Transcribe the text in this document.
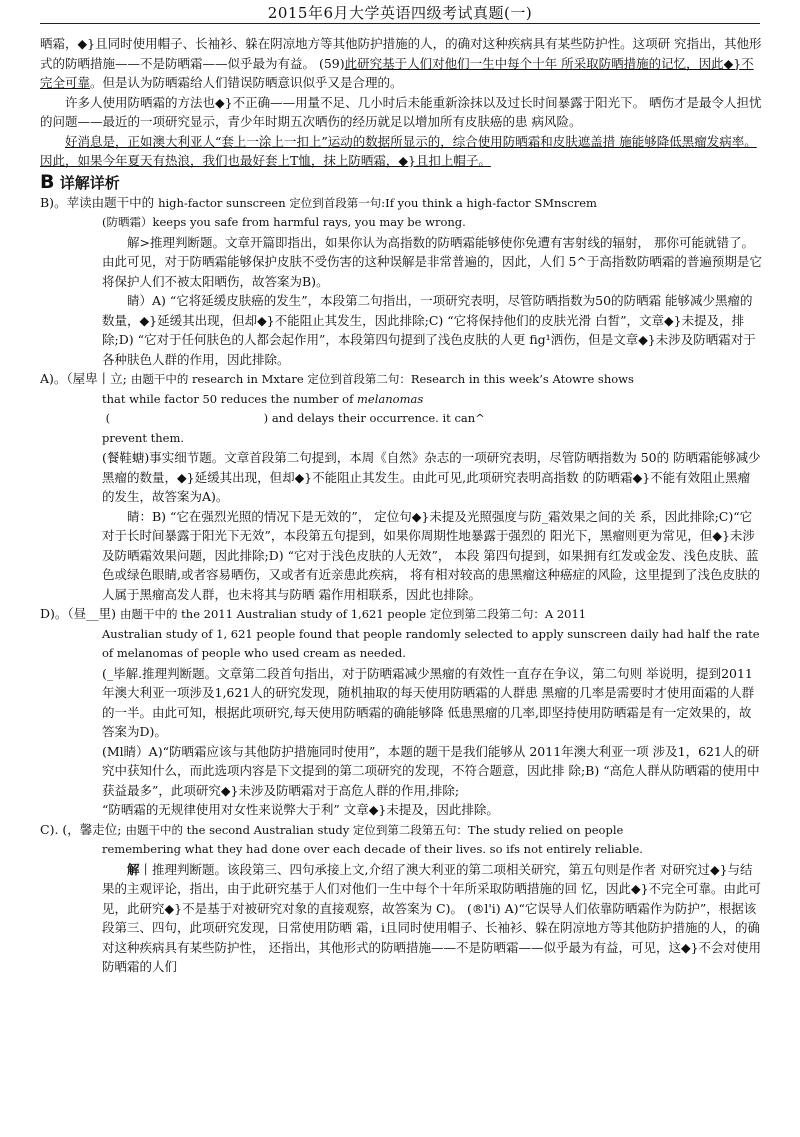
2015年6月大学英语四级考试真题(一)

晒霜，◆}且同时使用帽子、长袖衫、躲在阴凉地方等其他防护措施的人，的确对这种疾病具有某些防护性。这项研 究指出，其他形式的防晒措施——不是防晒霜——似乎最为有益。 (59)此研究基于人们对他们一生中每个十年 所采取防晒措施的记忆，因此◆}不完全可靠。但是认为防晒霜给人们错误防晒意识似乎又是合理的。

许多人使用防晒霜的方法也◆}不正确——用量不足、几小时后未能重新涂抹以及过长时间暴露于阳光下。 晒伤才是最令人担忧的问题——最近的一项研究显示，青少年时期五次晒伤的经历就足以增加所有皮肤癌的患 病风险。

好消息是，正如澳大利亚人“套上一涂上一扣上”运动的数据所显示的，综合使用防晒霜和皮肤遮盖措 施能够降低黑瘤发病率。因此，如果今年夏天有热浪，我们也最好套上T恤，抹上防晒霜，◆}且扣上帽子。

B 详解详析

B)。苹读由题干中的 high-factor sunscreen 定位到首段第一句:If you think a high-factor SMnscrem

(防晒霜）keeps you safe from harmful rays, you may be wrong.

解>推理判断题。文章开篇即指出，如果你认为高指数的防晒霜能够使你免遭有害射线的辐射， 那你可能就错了。由此可见，对于防晒霜能够保护皮肤不受伤害的这种误解是非常普遍的，因此，人们 5^于高指数防晒霜的普遍预期是它将保护人们不被太阳晒伤，故答案为B)。

睛）A) “它将延缓皮肤癌的发生”，本段第二句指出，一项研究表明，尽管防晒指数为50的防晒霜 能够减少黑瘤的数量，◆}延缓其出现，但却◆}不能阻止其发生，因此排除;C) “它将保持他们的皮肤光滑 白皙”，文章◆}未提及，排除;D) “它对于任何肤色的人都会起作用”，本段第四句提到了浅色皮肤的人更 fig¹洒伤，但是文章◆}未涉及防晒霜对于各种肤色人群的作用，因此排除。

A)。（屋卑丨立; 由题干中的 research in Mxtare 定位到首段第二句：Research in this week’s Atowre shows

that while factor 50 reduces the number of melanomas (                                          ) and delays their occurrence. it can^

prevent them.

(餐鞋螗)事实细节题。文章首段第二句提到，本周《自然》杂志的一项研究表明，尽管防晒指数为 50的 防晒霜能够减少黑瘤的数量，◆}延缓其出现，但却◆}不能阻止其发生。由此可见,此项研究表明高指数 的防晒霜◆}不能有效阻止黑瘤的发生，故答案为A)。

睛：B) “它在强烈光照的情况下是无效的”， 定位句◆}未提及光照强度与防_霜效果之间的关 系，因此排除;C)“它对于长时间暴露于阳光下无效”，本段第五句提到，如果你周期性地暴露于强烈的 阳光下，黑瘤则更为常见，但◆}未涉及防晒霜效果问题，因此排除;D) “它对于浅色皮肤的人无效”， 本段 第四句提到，如果拥有红发或金发、浅色皮肤、蓝色或绿色眼睛,或者容易晒伤，又或者有近亲患此疾病， 将有相对较高的患黑瘤这种癌症的风险，这里提到了浅色皮肤的人属于黑瘤高发人群，也未将其与防晒 霜作用相联系，因此也排除。

D)。（昼__里) 由题干中的 the 2011 Australian study of 1,621 people 定位到第二段第二句：A 2011

Australian study of 1, 621 people found that people randomly selected to apply sunscreen daily had half the rate of melanomas of people who used cream as needed.

(_毕解.推理判断题。文章第二段首句指出，对于防晒霜减少黑瘤的有效性一直存在争议，第二句则 举说明，提到2011年澳大利亚一项涉及1,621人的研究发现，随机抽取的每天使用防晒霜的人群患 黑瘤的几率是需要时才使用面霜的人群的一半。由此可知，根据此项研究,每天使用防晒霜的确能够降 低患黑瘤的几率,即坚持使用防晒霜是有一定效果的，故答案为D)。

(Ml睛）A)“防晒霜应该与其他防护措施同时使用”，本题的题干是我们能够从 2011年澳大利亚一项 涉及1，621人的研究中获知什么，而此选项内容是下文提到的第二项研究的发现，不符合题意，因此排 除;B) “高危人群从防晒霜的使用中获益最多”，此项研究◆}未涉及防晒霜对于高危人群的作用,排除;

“防晒霜的无规律使用对女性来说弊大于利” 文章◆}未提及，因此排除。

C). (，馨走位; 由题干中的 the second Australian study 定位到第二段第五句：The study relied on people

remembering what they had done over each decade of their lives. so ifs not entirely reliable.

解丨推理判断题。该段第三、四句承接上文,介绍了澳大利亚的第二项相关研究，第五句则是作者 对研究过◆}与结果的主观评论，指出，由于此研究基于人们对他们一生中每个十年所采取防晒措施的回 忆，因此◆}不完全可靠。由此可见，此研究◆}不是基于对被研究对象的直接观察，故答案为 C)。 (®l'i) A)“它误导人们依靠防晒霜作为防护”，根据该段第三、四句，此项研究发现，日常使用防晒 霜，i且同时使用帽子、长袖衫、躲在阴凉地方等其他防护措施的人，的确对这种疾病具有某些防护性， 还指出，其他形式的防晒措施——不是防晒霜——似乎最为有益，可见，这◆}不会对使用防晒霜的人们
